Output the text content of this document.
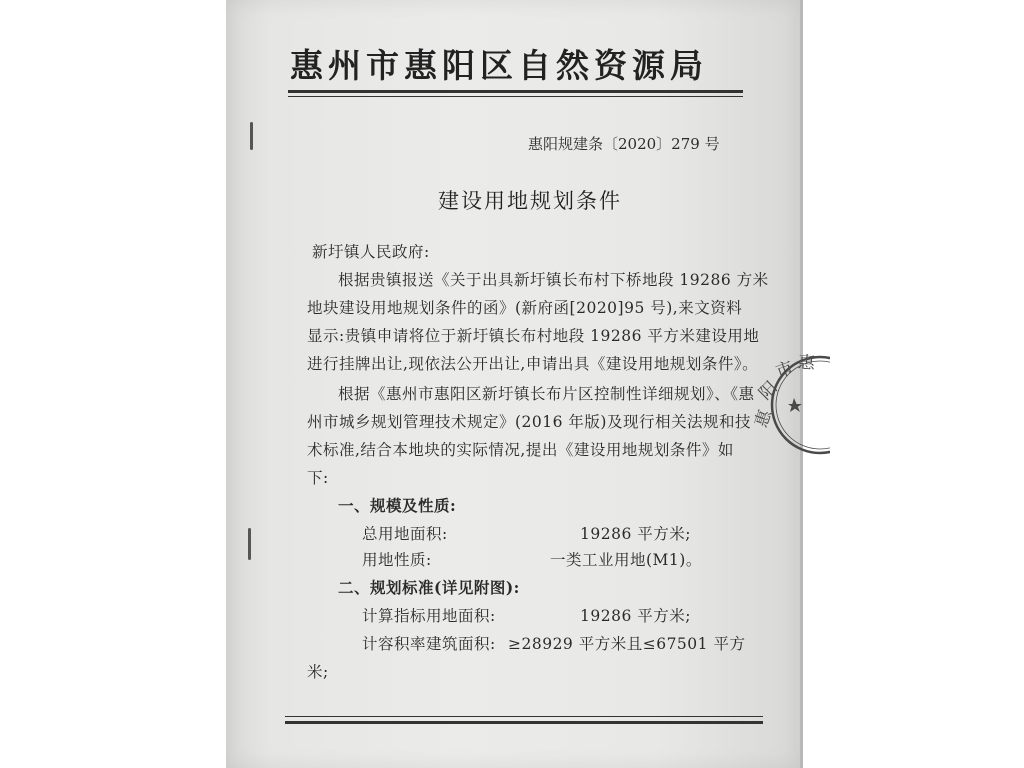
惠州市惠阳区自然资源局
惠阳规建条〔2020〕279 号
建设用地规划条件
新圩镇人民政府:
根据贵镇报送《关于出具新圩镇长布村下桥地段 19286 方米
地块建设用地规划条件的函》(新府函[2020]95 号),来文资料
显示:贵镇申请将位于新圩镇长布村地段 19286 平方米建设用地
进行挂牌出让,现依法公开出让,申请出具《建设用地规划条件》。
根据《惠州市惠阳区新圩镇长布片区控制性详细规划》、《惠
州市城乡规划管理技术规定》(2016 年版)及现行相关法规和技
术标准,结合本地块的实际情况,提出《建设用地规划条件》如
下:
一、规模及性质:
总用地面积:	19286 平方米;
用地性质:	一类工业用地(M1)。
二、规划标准(详见附图):
计算指标用地面积:	19286 平方米;
计容积率建筑面积: ≥28929 平方米且≤67501 平方
米;
惠
阳
市 惠
